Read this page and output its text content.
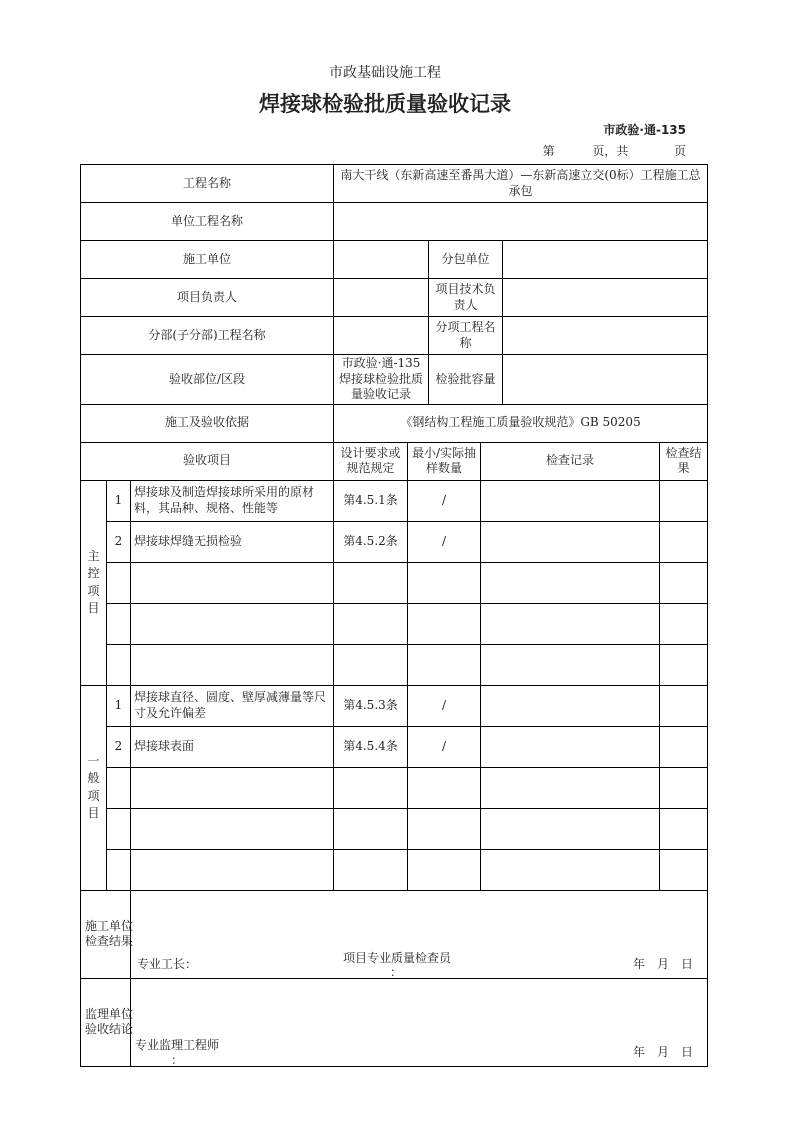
市政基础设施工程
焊接球检验批质量验收记录
市政验·通-135
第	页，共	页
工程名称			南大干线（东新高速至番禺大道）—东新高速立交(0标）工程施工总承包					
单位工程名称								
施工单位					分包单位			
项目负责人					项目技术负责人			
分部(子分部)工程名称					分项工程名称			
验收部位/区段			市政验·通-135 焊接球检验批质量验收记录		检验批容量			
施工及验收依据			《钢结构工程施工质量验收规范》GB 50205					
验收项目			设计要求或规范规定	最小/实际抽样数量		检查记录		检查结果
主控项目	1	焊接球及制造焊接球所采用的原材料，其品种、规格、性能等	第4.5.1条	/				
	2	焊接球焊缝无损检验	第4.5.2条	/				

一般项目	1	焊接球直径、圆度、壁厚减薄量等尺寸及允许偏差	第4.5.3条	/				
	2	焊接球表面	第4.5.4条	/				

施工单位检查结果		专业工长： 项目专业质量检查员
：
年　月　日						

监理单位验收结论		专业监理工程师
：
年　月　日						
